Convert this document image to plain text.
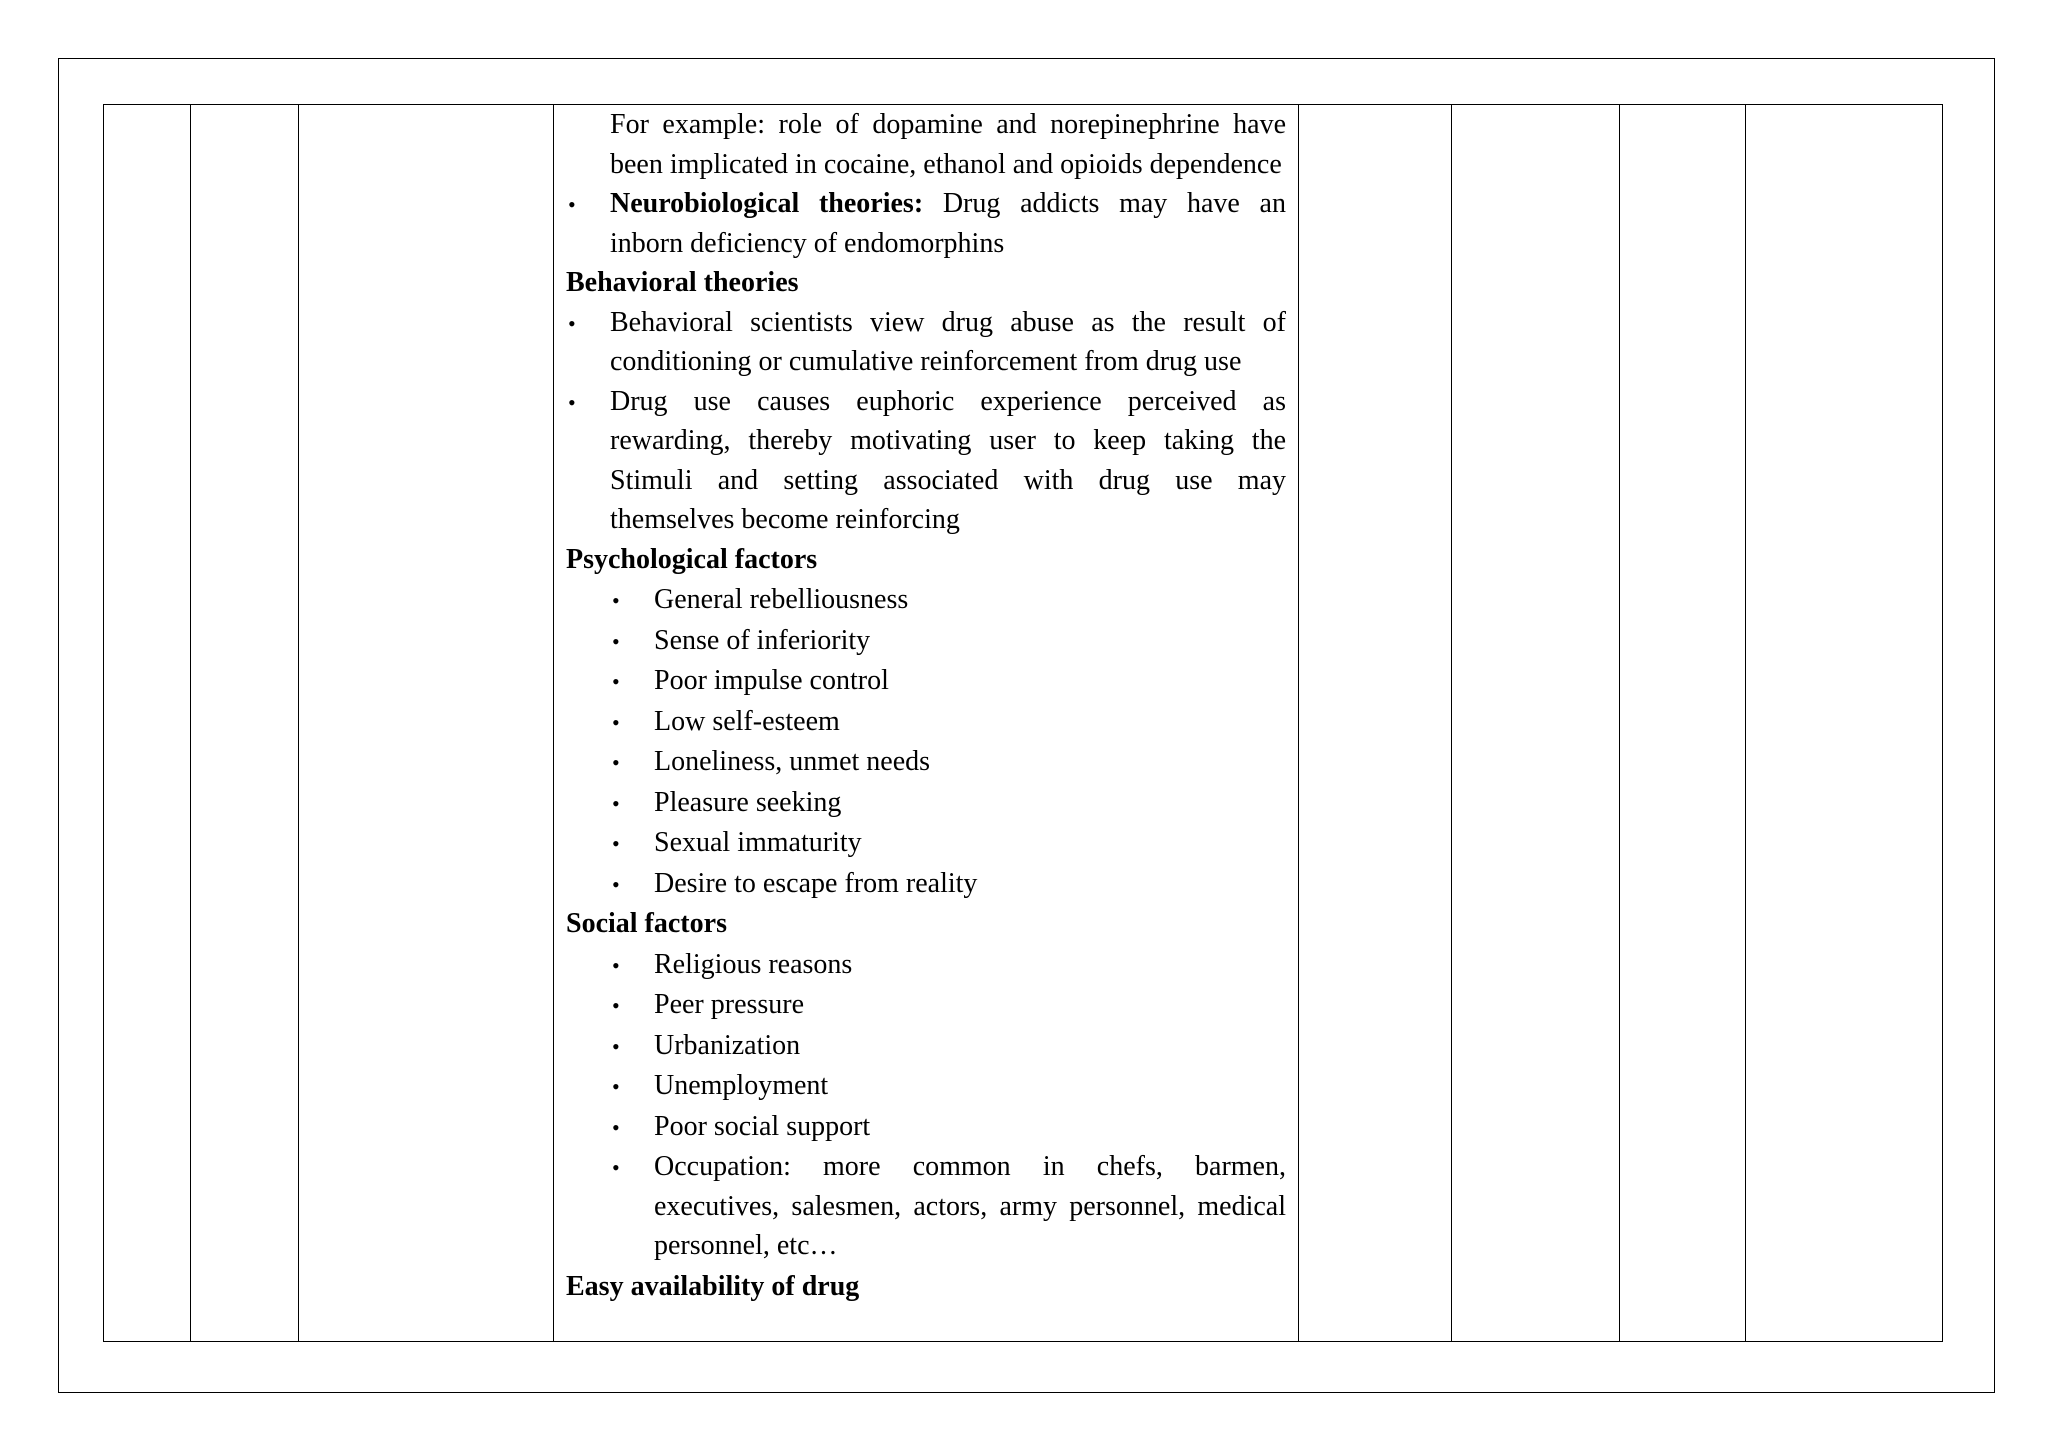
For example: role of dopamine and norepinephrine have been implicated in cocaine, ethanol and opioids dependence

• Neurobiological theories: Drug addicts may have an inborn deficiency of endomorphins

Behavioral theories

• Behavioral scientists view drug abuse as the result of conditioning or cumulative reinforcement from drug use

• Drug use causes euphoric experience perceived as rewarding, thereby motivating user to keep taking the Stimuli and setting associated with drug use may themselves become reinforcing

Psychological factors

• General rebelliousness

• Sense of inferiority

• Poor impulse control

• Low self-esteem

• Loneliness, unmet needs

• Pleasure seeking

• Sexual immaturity

• Desire to escape from reality

Social factors

• Religious reasons

• Peer pressure

• Urbanization

• Unemployment

• Poor social support

• Occupation: more common in chefs, barmen, executives, salesmen, actors, army personnel, medical personnel, etc…

Easy availability of drug
